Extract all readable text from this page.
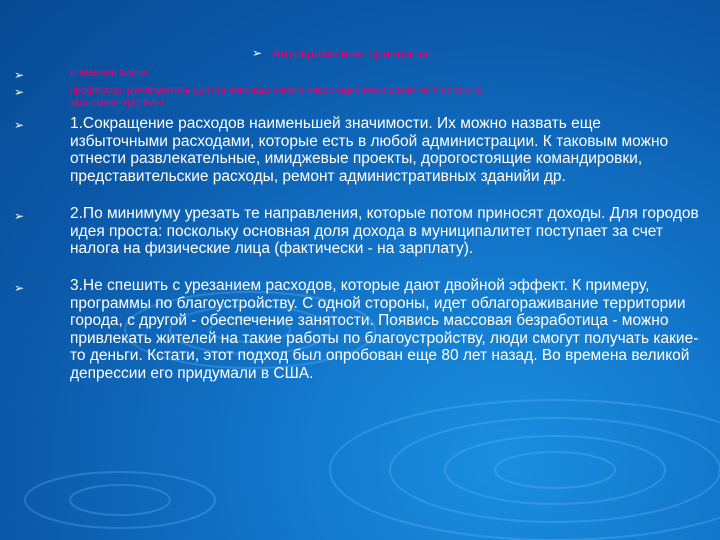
➢ Антикризисные принципы
➢	В.Мамаев Босна
➢	профессор, руководитель центра инновационного инвестиционного развития Института
экономики УрО РАН
➢	1.Сокращение расходов наименьшей значимости. Их можно назвать еще избыточными расходами, которые есть в любой администрации. К таковым можно отнести развлекательные, имиджевые проекты, дорогостоящие командировки, представительские расходы, ремонт административных зданийи др.
➢	2.По минимуму урезать те направления, которые потом приносят доходы. Для городов идея проста: поскольку основная доля дохода в муниципалитет поступает за счет налога на физические лица (фактически - на зарплату).
➢	3.Не спешить с урезанием расходов, которые дают двойной эффект. К примеру, программы по благоустройству. С одной стороны, идет облагораживание территории города, с другой - обеспечение занятости. Появись массовая безработица - можно привлекать жителей на такие работы по благоустройству, люди смогут получать какие-то деньги. Кстати, этот подход был опробован еще 80 лет назад. Во времена великой депрессии его придумали в США.
